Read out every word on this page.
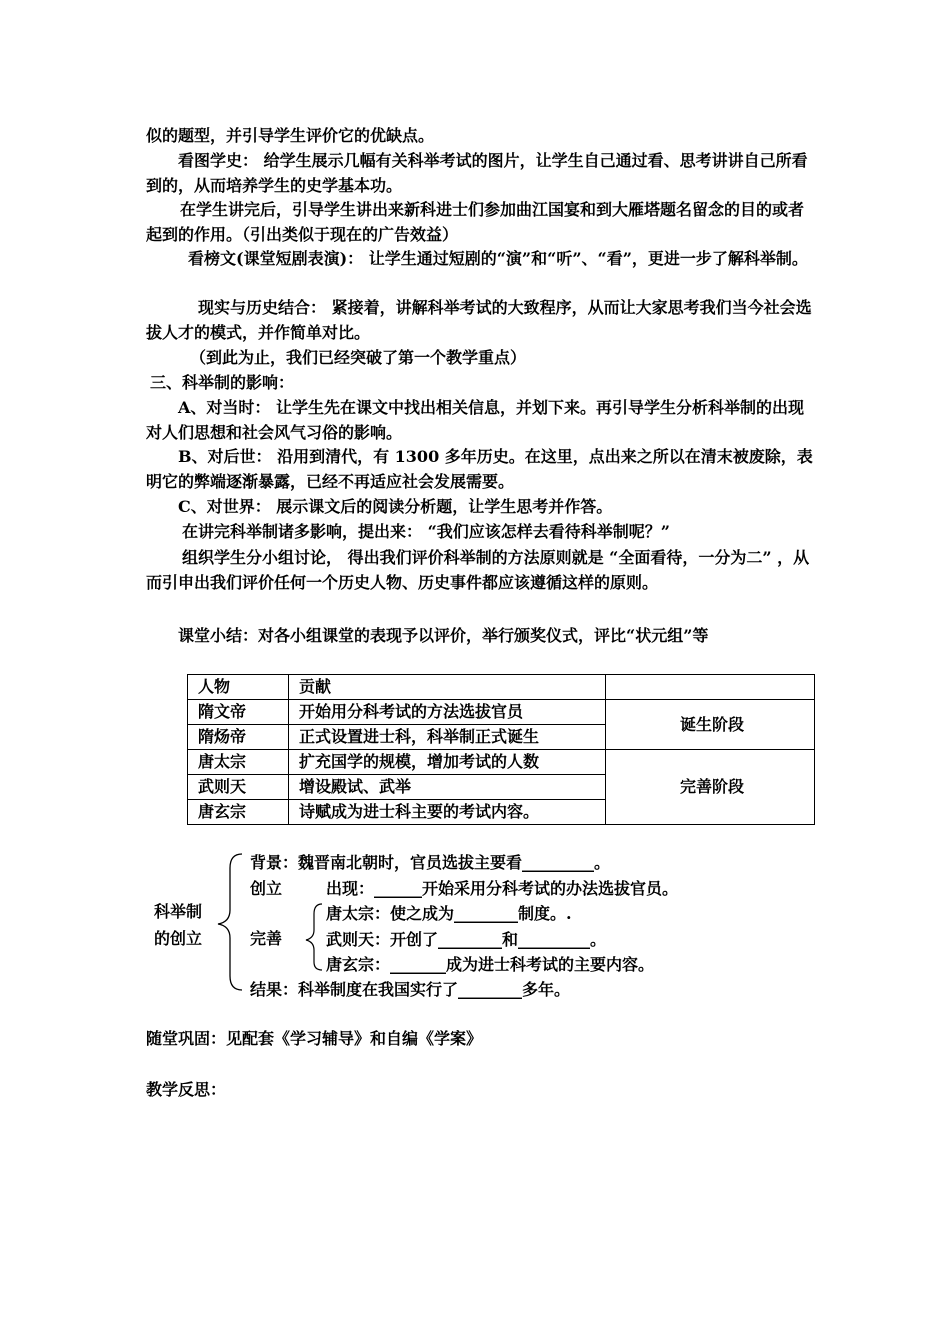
似的题型，并引导学生评价它的优缺点。

看图学史： 给学生展示几幅有关科举考试的图片，让学生自己通过看、思考讲讲自己所看到的，从而培养学生的史学基本功。

在学生讲完后，引导学生讲出来新科进士们参加曲江国宴和到大雁塔题名留念的目的或者起到的作用。（引出类似于现在的广告效益）

看榜文(课堂短剧表演)： 让学生通过短剧的“演”和“听”、“看”，更进一步了解科举制。

现实与历史结合： 紧接着，讲解科举考试的大致程序，从而让大家思考我们当今社会选拔人才的模式，并作简单对比。

（到此为止，我们已经突破了第一个教学重点）

三、科举制的影响：

A、对当时： 让学生先在课文中找出相关信息，并划下来。再引导学生分析科举制的出现对人们思想和社会风气习俗的影响。

B、对后世： 沿用到清代，有 1300 多年历史。在这里，点出来之所以在清末被废除，表明它的弊端逐渐暴露，已经不再适应社会发展需要。

C、对世界： 展示课文后的阅读分析题，让学生思考并作答。

在讲完科举制诸多影响，提出来： “我们应该怎样去看待科举制呢？”

组织学生分小组讨论， 得出我们评价科举制的方法原则就是 “全面看待，一分为二” ，从而引申出我们评价任何一个历史人物、历史事件都应该遵循这样的原则。

课堂小结：对各小组课堂的表现予以评价，举行颁奖仪式，评比“状元组”等

人物	贡献	
隋文帝	开始用分科考试的方法选拔官员	诞生阶段
隋炀帝	正式设置进士科，科举制正式诞生	
唐太宗	扩充国学的规模，增加考试的人数	完善阶段
武则天	增设殿试、武举	
唐玄宗	诗赋成为进士科主要的考试内容。	
科举制
的创立
背景：魏晋南北朝时，官员选拔主要看_________。
创立	出现：______开始采用分科考试的办法选拔官员。
完善
唐太宗：使之成为________制度。.
武则天：开创了________和_________。
唐玄宗：_______成为进士科考试的主要内容。
结果：科举制度在我国实行了________多年。

随堂巩固：见配套《学习辅导》和自编《学案》

教学反思：
